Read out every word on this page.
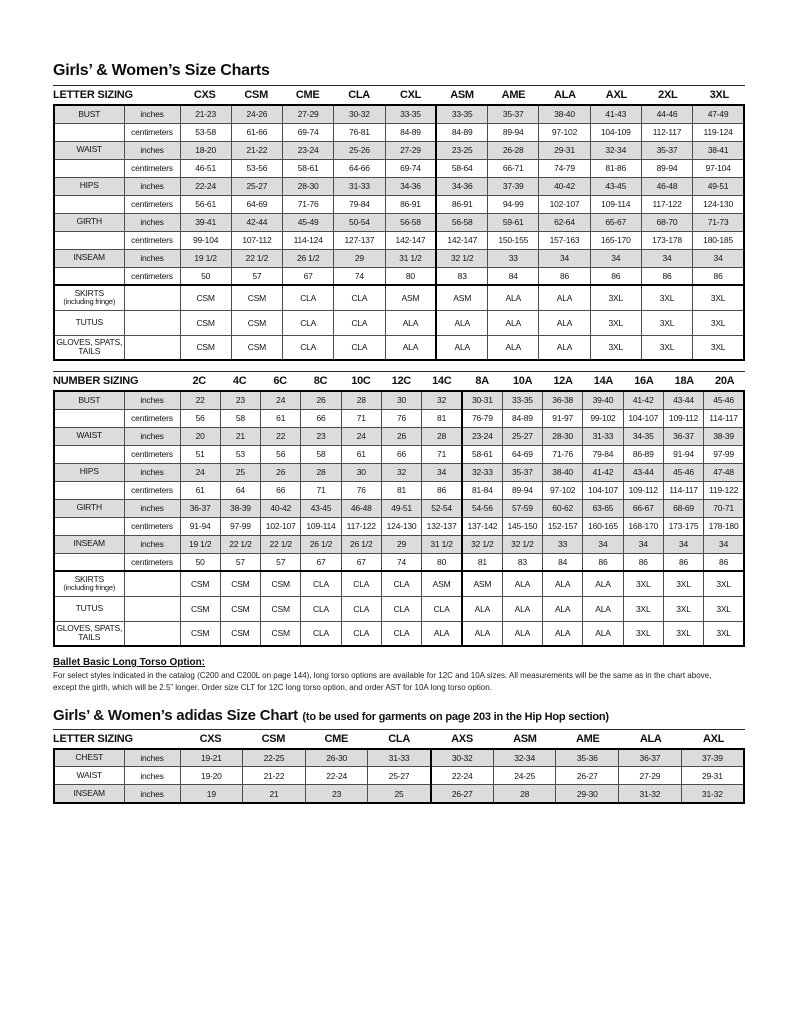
Girls’ & Women’s Size Charts
LETTER SIZING	CXS	CSM	CME	CLA	CXL	ASM	AME	ALA	AXL	2XL	3XL
BUST	inches	21-23	24-26	27-29	30-32	33-35	33-35	35-37	38-40	41-43	44-46	47-49
	centimeters	53-58	61-66	69-74	76-81	84-89	84-89	89-94	97-102	104-109	112-117	119-124

WAIST	inches	18-20	21-22	23-24	25-26	27-29	23-25	26-28	29-31	32-34	35-37	38-41
	centimeters	46-51	53-56	58-61	64-66	69-74	58-64	66-71	74-79	81-86	89-94	97-104

HIPS	inches	22-24	25-27	28-30	31-33	34-36	34-36	37-39	40-42	43-45	46-48	49-51
	centimeters	56-61	64-69	71-76	79-84	86-91	86-91	94-99	102-107	109-114	117-122	124-130

GIRTH	inches	39-41	42-44	45-49	50-54	56-58	56-58	59-61	62-64	65-67	68-70	71-73
	centimeters	99-104	107-112	114-124	127-137	142-147	142-147	150-155	157-163	165-170	173-178	180-185

INSEAM	inches	19 1/2	22 1/2	26 1/2	29	31 1/2	32 1/2	33	34	34	34	34
	centimeters	50	57	67	74	80	83	84	86	86	86	86

SKIRTS
(including fringe)		CSM	CSM	CLA	CLA	ASM	ASM	ALA	ALA	3XL	3XL	3XL

TUTUS		CSM	CSM	CLA	CLA	ALA	ALA	ALA	ALA	3XL	3XL	3XL

GLOVES, SPATS, TAILS		CSM	CSM	CLA	CLA	ALA	ALA	ALA	ALA	3XL	3XL	3XL
NUMBER SIZING	2C	4C	6C	8C	10C	12C	14C	8A	10A	12A	14A	16A	18A	20A
BUST	inches	22	23	24	26	28	30	32	30-31	33-35	36-38	39-40	41-42	43-44	45-46
	centimeters	56	58	61	66	71	76	81	76-79	84-89	91-97	99-102	104-107	109-112	114-117

WAIST	inches	20	21	22	23	24	26	28	23-24	25-27	28-30	31-33	34-35	36-37	38-39
	centimeters	51	53	56	58	61	66	71	58-61	64-69	71-76	79-84	86-89	91-94	97-99

HIPS	inches	24	25	26	28	30	32	34	32-33	35-37	38-40	41-42	43-44	45-46	47-48
	centimeters	61	64	66	71	76	81	86	81-84	89-94	97-102	104-107	109-112	114-117	119-122

GIRTH	inches	36-37	38-39	40-42	43-45	46-48	49-51	52-54	54-56	57-59	60-62	63-65	66-67	68-69	70-71
	centimeters	91-94	97-99	102-107	109-114	117-122	124-130	132-137	137-142	145-150	152-157	160-165	168-170	173-175	178-180

INSEAM	inches	19 1/2	22 1/2	22 1/2	26 1/2	26 1/2	29	31 1/2	32 1/2	32 1/2	33	34	34	34	34
	centimeters	50	57	57	67	67	74	80	81	83	84	86	86	86	86

SKIRTS
(including fringe)		CSM	CSM	CSM	CLA	CLA	CLA	ASM	ASM	ALA	ALA	ALA	3XL	3XL	3XL

TUTUS		CSM	CSM	CSM	CLA	CLA	CLA	CLA	ALA	ALA	ALA	ALA	3XL	3XL	3XL

GLOVES, SPATS, TAILS		CSM	CSM	CSM	CLA	CLA	CLA	ALA	ALA	ALA	ALA	ALA	3XL	3XL	3XL
Ballet Basic Long Torso Option:
For select styles indicated in the catalog (C200 and C200L on page 144), long torso options are available for 12C and 10A sizes. All measurements will be the same as in the chart above,
except the girth, which will be 2.5” longer. Order size CLT for 12C long torso option, and order AST for 10A long torso option.
Girls’ & Women’s adidas Size Chart (to be used for garments on page 203 in the Hip Hop section)
LETTER SIZING	CXS	CSM	CME	CLA	AXS	ASM	AME	ALA	AXL
CHEST	inches	19-21	22-25	26-30	31-33	30-32	32-34	35-36	36-37	37-39

WAIST	inches	19-20	21-22	22-24	25-27	22-24	24-25	26-27	27-29	29-31

INSEAM	inches	19	21	23	25	26-27	28	29-30	31-32	31-32
